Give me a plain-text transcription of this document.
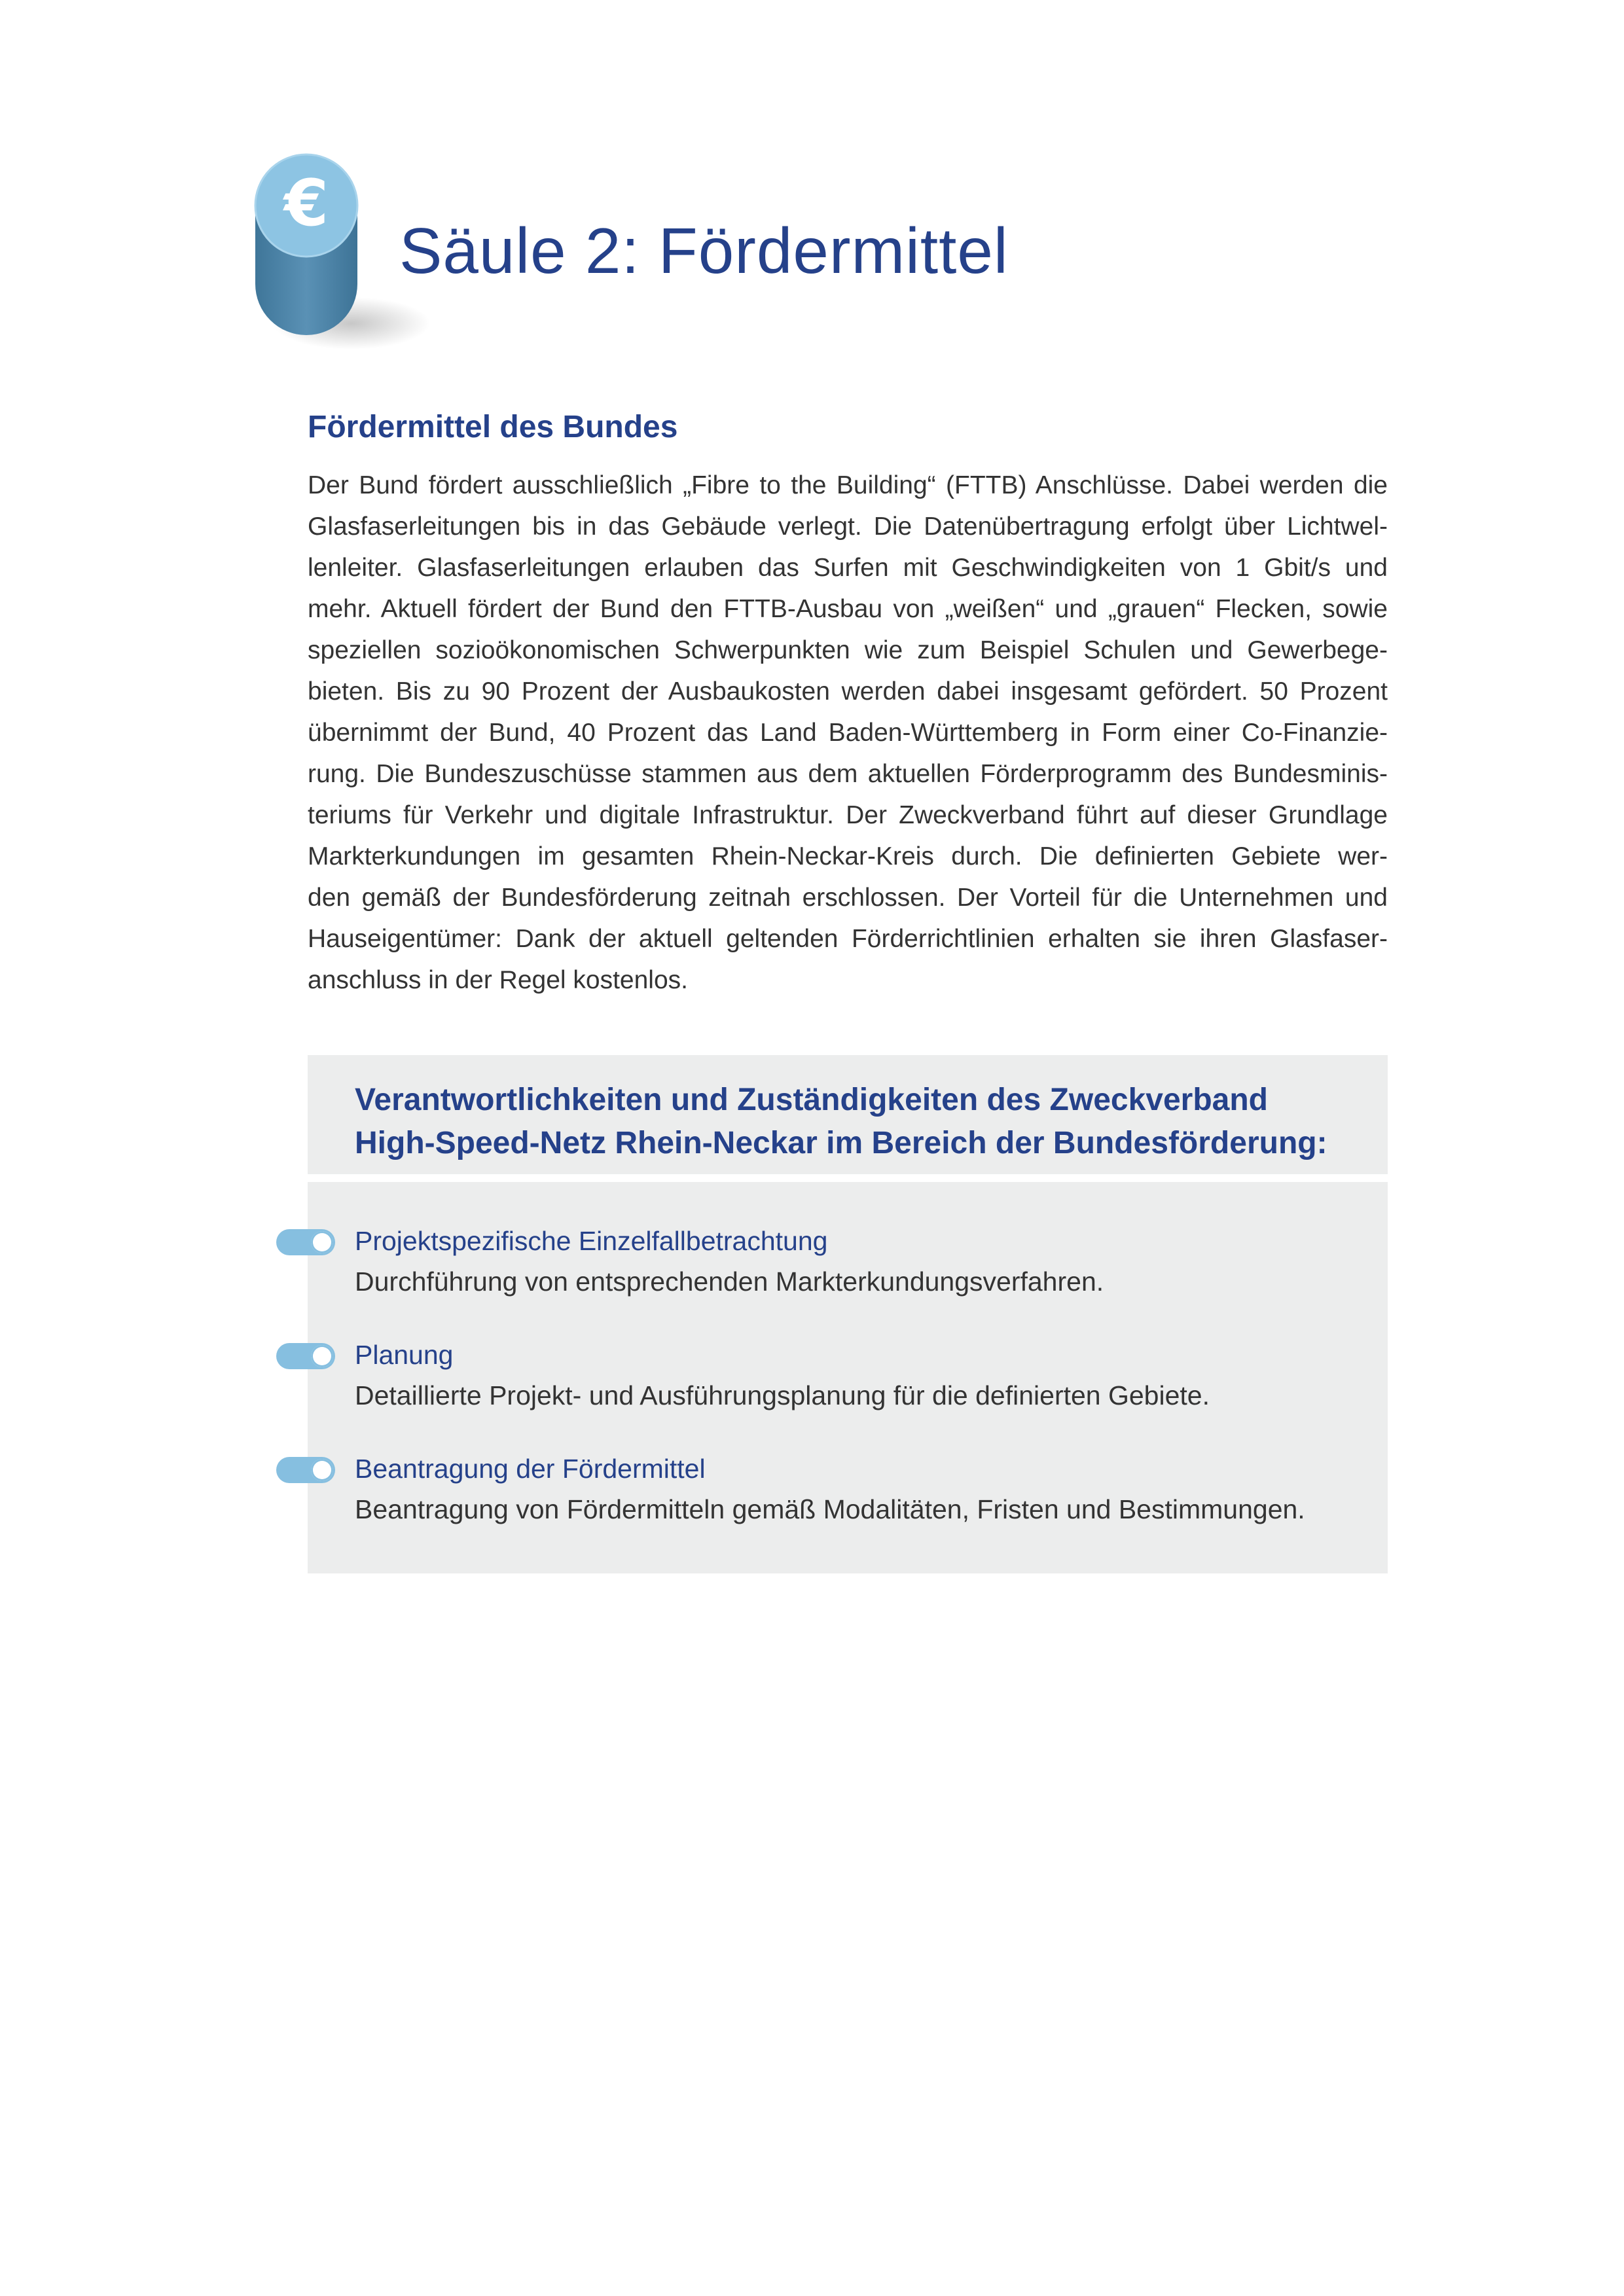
€
Säule 2: Fördermittel
Fördermittel des Bundes
Der Bund fördert ausschließlich „Fibre to the Building“ (FTTB) Anschlüsse. Dabei werden die
Glasfaserleitungen bis in das Gebäude verlegt. Die Datenübertragung erfolgt über Lichtwel-
lenleiter. Glasfaserleitungen erlauben das Surfen mit Geschwindigkeiten von 1 Gbit/s und
mehr. Aktuell fördert der Bund den FTTB-Ausbau von „weißen“ und „grauen“ Flecken, sowie
speziellen sozioökonomischen Schwerpunkten wie zum Beispiel Schulen und Gewerbege-
bieten. Bis zu 90 Prozent der Ausbaukosten werden dabei insgesamt gefördert. 50 Prozent
übernimmt der Bund, 40 Prozent das Land Baden-Württemberg in Form einer Co-Finanzie-
rung. Die Bundeszuschüsse stammen aus dem aktuellen Förderprogramm des Bundesminis-
teriums für Verkehr und digitale Infrastruktur. Der Zweckverband führt auf dieser Grundlage
Markterkundungen im gesamten Rhein-Neckar-Kreis durch. Die definierten Gebiete wer-
den gemäß der Bundesförderung zeitnah erschlossen. Der Vorteil für die Unternehmen und
Hauseigentümer: Dank der aktuell geltenden Förderrichtlinien erhalten sie ihren Glasfaser-
anschluss in der Regel kostenlos.
Verantwortlichkeiten und Zuständigkeiten des Zweckverband
High-Speed-Netz Rhein-Neckar im Bereich der Bundesförderung:

Projektspezifische Einzelfallbetrachtung

Durchführung von entsprechenden Markterkundungsverfahren.

Planung

Detaillierte Projekt- und Ausführungsplanung für die definierten Gebiete.

Beantragung der Fördermittel

Beantragung von Fördermitteln gemäß Modalitäten, Fristen und Bestimmungen.
